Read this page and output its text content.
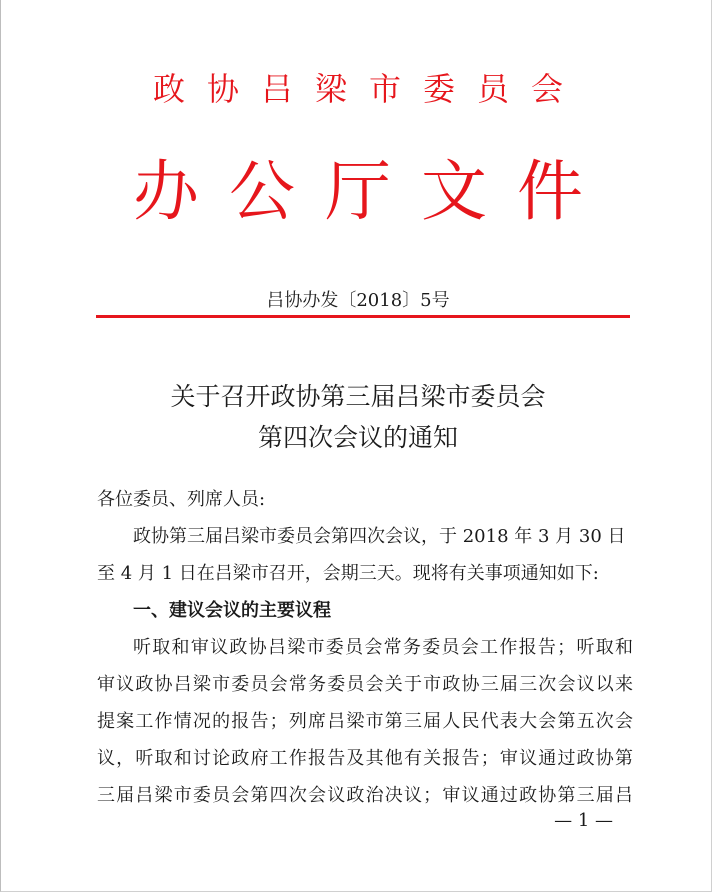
政协吕梁市委员会
办公厅文件
吕协办发〔2018〕5号
关于召开政协第三届吕梁市委员会
第四次会议的通知
各位委员、列席人员:
政协第三届吕梁市委员会第四次会议，于 2018 年 3 月 30 日
至 4 月 1 日在吕梁市召开，会期三天。现将有关事项通知如下:
一、建议会议的主要议程
听取和审议政协吕梁市委员会常务委员会工作报告；听取和
审议政协吕梁市委员会常务委员会关于市政协三届三次会议以来
提案工作情况的报告；列席吕梁市第三届人民代表大会第五次会
议，听取和讨论政府工作报告及其他有关报告；审议通过政协第
三届吕梁市委员会第四次会议政治决议；审议通过政协第三届吕
— 1 —
